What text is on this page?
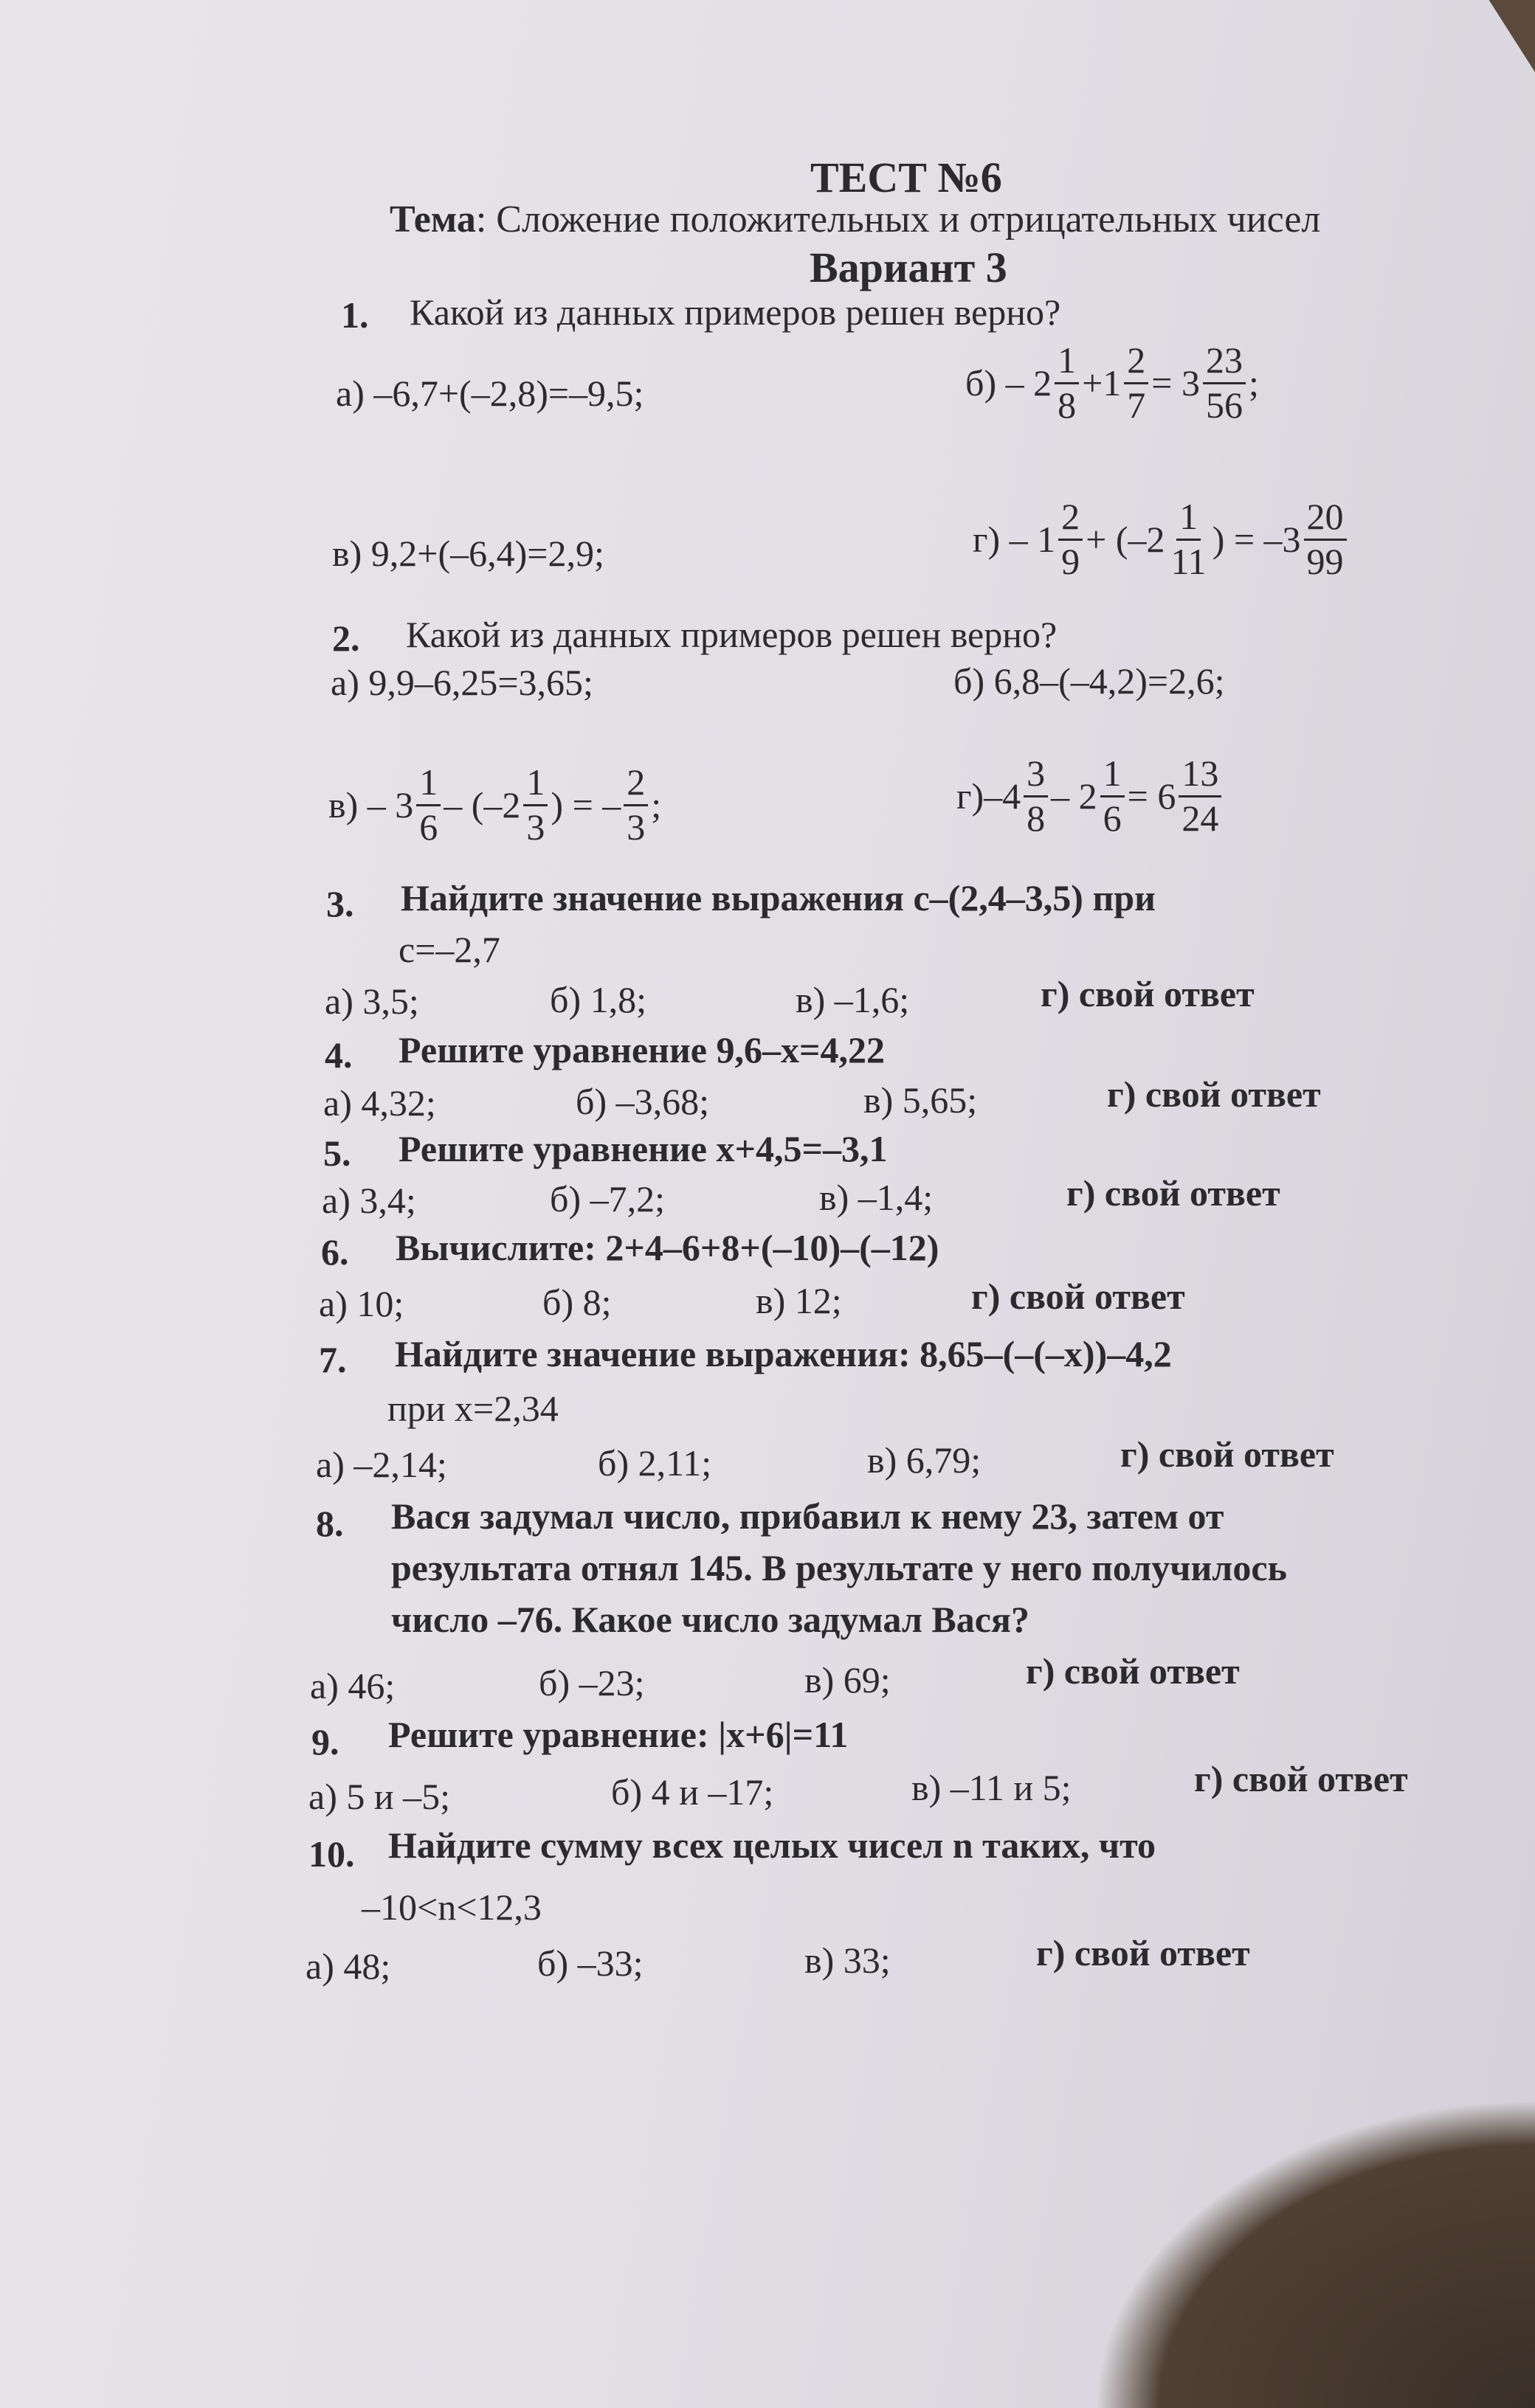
ТЕСТ №6
Тема: Сложение положительных и отрицательных чисел
Вариант 3
1. Какой из данных примеров решен верно?
а) –6,7+(–2,8)=–9,5;	б)
– $2 \frac{1}{8} +1 \frac{2}{7} = 3 \frac{23}{56}$ ;
в) 9,2+(–6,4)=2,9;	г)
– $1 \frac{2}{9} + (-2 \frac{1}{11}$ ) = $-3 \frac{20}{99}$
2. Какой из данных примеров решен верно?
а) 9,9–6,25=3,65;	б) 6,8–(–4,2)=2,6;
в)
– $3 \frac{1}{6} - (-2 \frac{1}{3}$ ) = – $\frac{2}{3}$ ;	г) $-4 \frac{3}{8} - 2 \frac{1}{6} = 6 \frac{13}{24}$
3. Найдите значение выражения с–(2,4–3,5) при
с=–2,7
а) 3,5;	б) 1,8;	в) –1,6;	г) свой ответ
4. Решите уравнение 9,6–х=4,22
а) 4,32;	б) –3,68;	в) 5,65;	г) свой ответ
5. Решите уравнение х+4,5=–3,1
а) 3,4;	б) –7,2;	в) –1,4;	г) свой ответ
6. Вычислите: 2+4–6+8+(–10)–(–12)
а) 10;	б) 8;	в) 12;	г) свой ответ
7. Найдите значение выражения: 8,65–(–(–х))–4,2
при х=2,34
а) –2,14;	б) 2,11;	в) 6,79;	г) свой ответ
8. Вася задумал число, прибавил к нему 23, затем от
результата отнял 145. В результате у него получилось
число –76. Какое число задумал Вася?
а) 46;	б) –23;	в) 69;	г) свой ответ
9. Решите уравнение: |х+6|=11
а) 5 и –5;	б) 4 и –17;	в) –11 и 5;	г) свой ответ
10. Найдите сумму всех целых чисел n таких, что
–10<n<12,3
а) 48;	б) –33;	в) 33;	г) свой ответ
